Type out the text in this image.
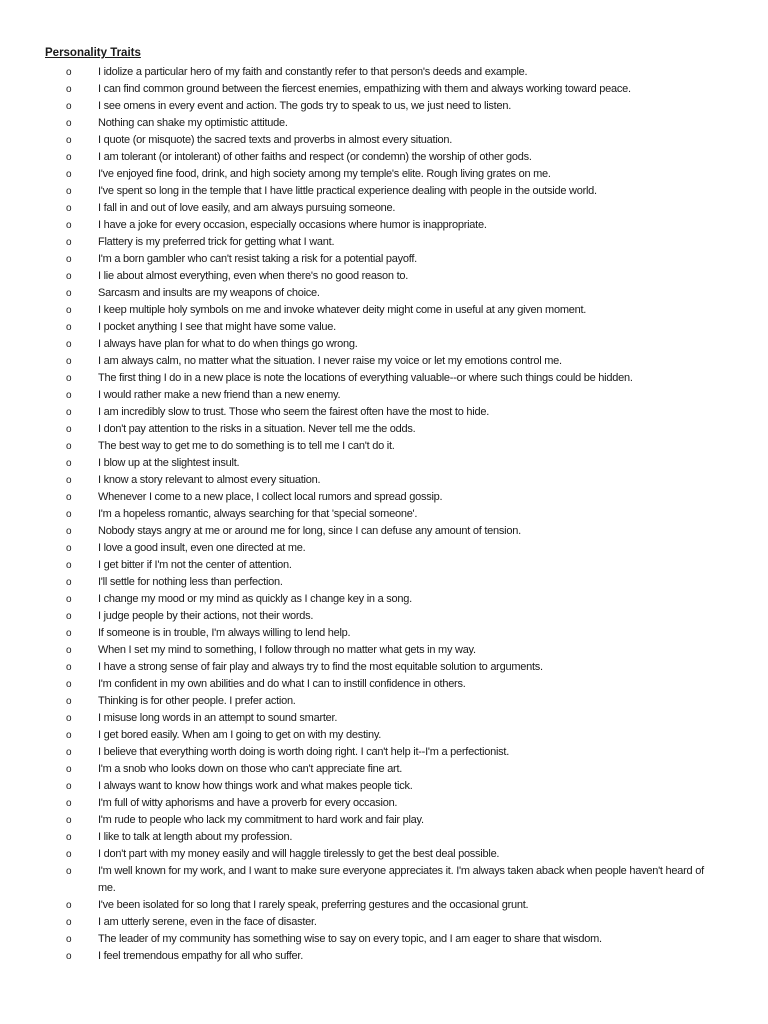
Personality Traits
o I idolize a particular hero of my faith and constantly refer to that person's deeds and example.
o I can find common ground between the fiercest enemies, empathizing with them and always working toward peace.
o I see omens in every event and action. The gods try to speak to us, we just need to listen.
o Nothing can shake my optimistic attitude.
o I quote (or misquote) the sacred texts and proverbs in almost every situation.
o I am tolerant (or intolerant) of other faiths and respect (or condemn) the worship of other gods.
o I've enjoyed fine food, drink, and high society among my temple's elite. Rough living grates on me.
o I've spent so long in the temple that I have little practical experience dealing with people in the outside world.
o I fall in and out of love easily, and am always pursuing someone.
o I have a joke for every occasion, especially occasions where humor is inappropriate.
o Flattery is my preferred trick for getting what I want.
o I'm a born gambler who can't resist taking a risk for a potential payoff.
o I lie about almost everything, even when there's no good reason to.
o Sarcasm and insults are my weapons of choice.
o I keep multiple holy symbols on me and invoke whatever deity might come in useful at any given moment.
o I pocket anything I see that might have some value.
o I always have plan for what to do when things go wrong.
o I am always calm, no matter what the situation. I never raise my voice or let my emotions control me.
o The first thing I do in a new place is note the locations of everything valuable--or where such things could be hidden.
o I would rather make a new friend than a new enemy.
o I am incredibly slow to trust. Those who seem the fairest often have the most to hide.
o I don't pay attention to the risks in a situation. Never tell me the odds.
o The best way to get me to do something is to tell me I can't do it.
o I blow up at the slightest insult.
o I know a story relevant to almost every situation.
o Whenever I come to a new place, I collect local rumors and spread gossip.
o I'm a hopeless romantic, always searching for that 'special someone'.
o Nobody stays angry at me or around me for long, since I can defuse any amount of tension.
o I love a good insult, even one directed at me.
o I get bitter if I'm not the center of attention.
o I'll settle for nothing less than perfection.
o I change my mood or my mind as quickly as I change key in a song.
o I judge people by their actions, not their words.
o If someone is in trouble, I'm always willing to lend help.
o When I set my mind to something, I follow through no matter what gets in my way.
o I have a strong sense of fair play and always try to find the most equitable solution to arguments.
o I'm confident in my own abilities and do what I can to instill confidence in others.
o Thinking is for other people. I prefer action.
o I misuse long words in an attempt to sound smarter.
o I get bored easily. When am I going to get on with my destiny.
o I believe that everything worth doing is worth doing right. I can't help it--I'm a perfectionist.
o I'm a snob who looks down on those who can't appreciate fine art.
o I always want to know how things work and what makes people tick.
o I'm full of witty aphorisms and have a proverb for every occasion.
o I'm rude to people who lack my commitment to hard work and fair play.
o I like to talk at length about my profession.
o I don't part with my money easily and will haggle tirelessly to get the best deal possible.
o I'm well known for my work, and I want to make sure everyone appreciates it. I'm always taken aback when people haven't heard of me.
o I've been isolated for so long that I rarely speak, preferring gestures and the occasional grunt.
o I am utterly serene, even in the face of disaster.
o The leader of my community has something wise to say on every topic, and I am eager to share that wisdom.
o I feel tremendous empathy for all who suffer.
